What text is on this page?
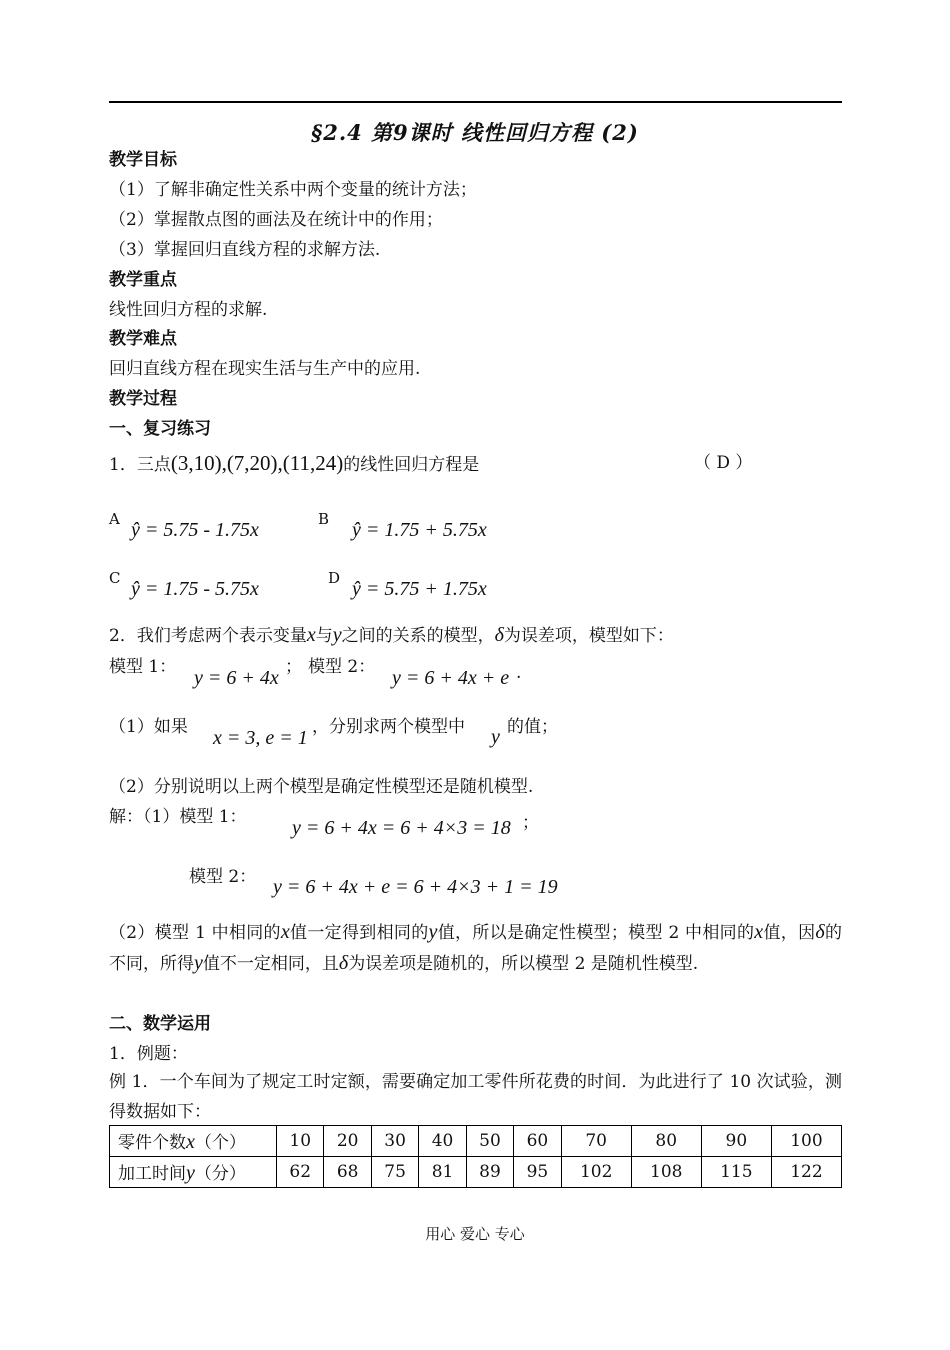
§2.4 第9课时 线性回归方程 (2)
教学目标
（1）了解非确定性关系中两个变量的统计方法；
（2）掌握散点图的画法及在统计中的作用；
（3）掌握回归直线方程的求解方法.
教学重点
线性回归方程的求解.
教学难点
回归直线方程在现实生活与生产中的应用.
教学过程
一、复习练习
1．三点(3,10),(7,20),(11,24)的线性回归方程是	（ D ）
A ŷ = 5.75 - 1.75x	B ŷ = 1.75 + 5.75x
C ŷ = 1.75 - 5.75x	D ŷ = 5.75 + 1.75x
2．我们考虑两个表示变量x与y之间的关系的模型，δ为误差项，模型如下：
模型 1： y = 6 + 4x ； 模型 2： y = 6 + 4x + e .
（1）如果 x = 3, e = 1 ，分别求两个模型中 y 的值；
（2）分别说明以上两个模型是确定性模型还是随机模型.
解：（1）模型 1： y = 6 + 4x = 6 + 4×3 = 18 ；
模型 2： y = 6 + 4x + e = 6 + 4×3 + 1 = 19
（2）模型 1 中相同的x值一定得到相同的y值，所以是确定性模型；模型 2 中相同的x值，因δ的不同，所得y值不一定相同，且δ为误差项是随机的，所以模型 2 是随机性模型.
二、数学运用
1．例题：
例 1．一个车间为了规定工时定额，需要确定加工零件所花费的时间．为此进行了 10 次试验，测得数据如下：
零件个数x（个）	10	20	30	40	50	60	70	80	90	100
加工时间y（分）	62	68	75	81	89	95	102	108	115	122
用心 爱心 专心
